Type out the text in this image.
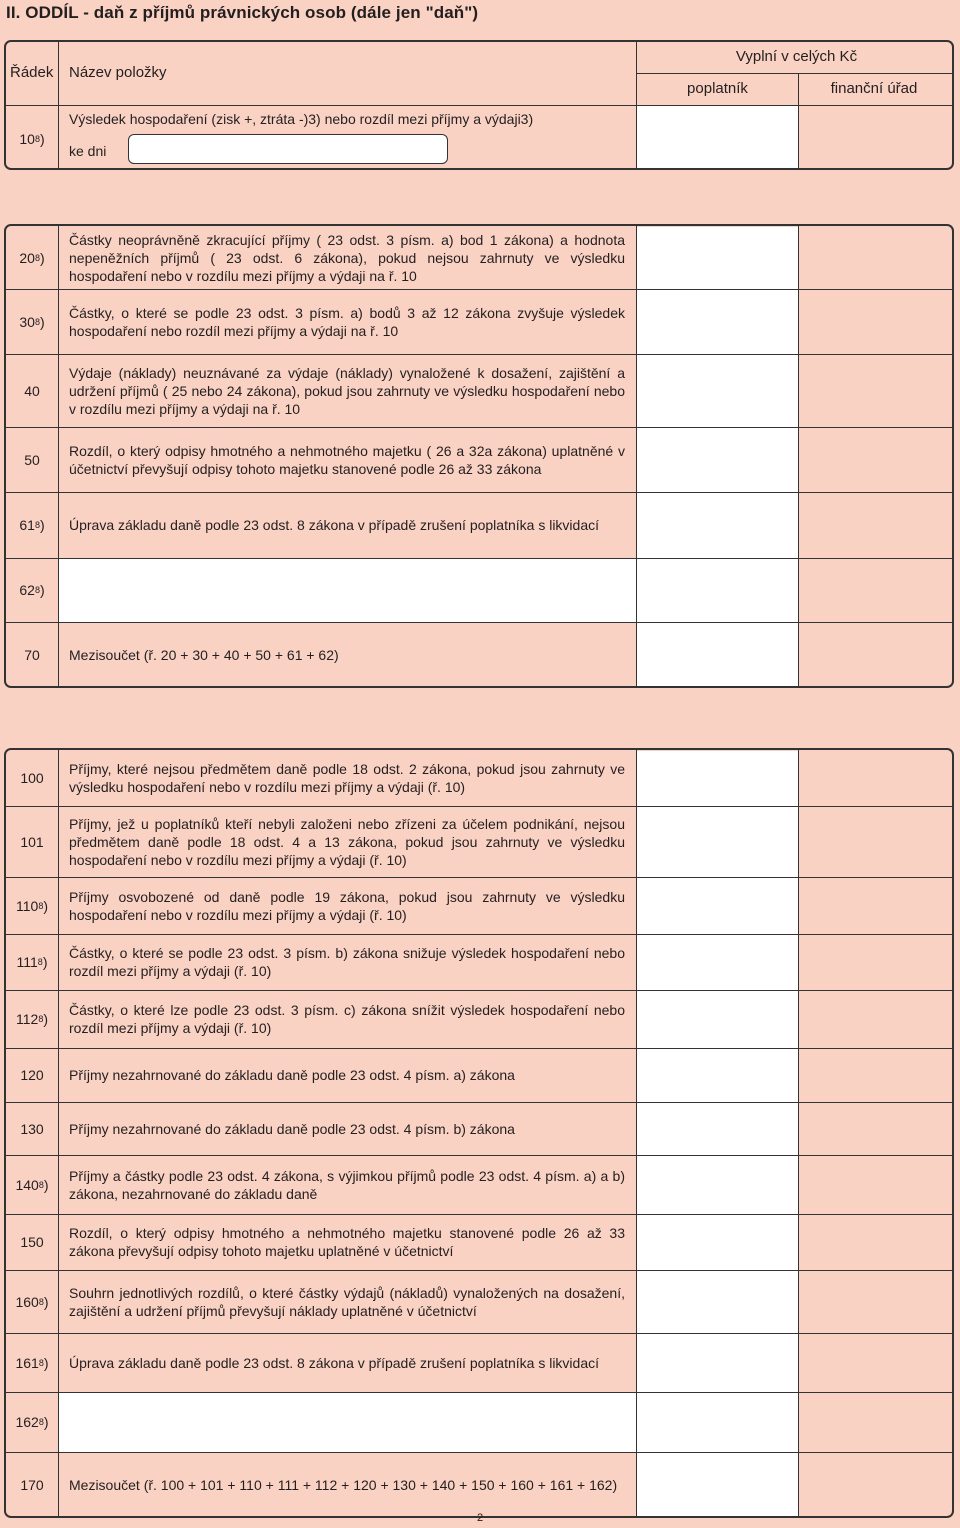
II. ODDÍL - daň z příjmů právnických osob (dále jen "daň")
Řádek Název položky
Vyplní v celých Kč
poplatník	finanční úřad
10 8 )
Výsledek hospodaření (zisk +, ztráta -)3) nebo rozdíl mezi příjmy a výdaji3)
ke dni
20 8 )
Částky neoprávněně zkracující příjmy ( 23 odst. 3 písm. a) bod 1 zákona) a hodnota nepeněžních příjmů ( 23 odst. 6 zákona), pokud nejsou zahrnuty ve výsledku hospodaření nebo v rozdílu mezi příjmy a výdaji na ř. 10
30 8 )
Částky, o které se podle 23 odst. 3 písm. a) bodů 3 až 12 zákona zvyšuje výsledek hospodaření nebo rozdíl mezi příjmy a výdaji na ř. 10
40
Výdaje (náklady) neuznávané za výdaje (náklady) vynaložené k dosažení, zajištění a udržení příjmů ( 25 nebo 24 zákona), pokud jsou zahrnuty ve výsledku hospodaření nebo v rozdílu mezi příjmy a výdaji na ř. 10
50
Rozdíl, o který odpisy hmotného a nehmotného majetku ( 26 a 32a zákona) uplatněné v účetnictví převyšují odpisy tohoto majetku stanovené podle 26 až 33 zákona
61 8 ) Úprava základu daně podle 23 odst. 8 zákona v případě zrušení poplatníka s likvidací
62 8 )
70 Mezisoučet (ř. 20 + 30 + 40 + 50 + 61 + 62)
100
Příjmy, které nejsou předmětem daně podle 18 odst. 2 zákona, pokud jsou zahrnuty ve výsledku hospodaření nebo v rozdílu mezi příjmy a výdaji (ř. 10)
101
Příjmy, jež u poplatníků kteří nebyli založeni nebo zřízeni za účelem podnikání, nejsou předmětem daně podle 18 odst. 4 a 13 zákona, pokud jsou zahrnuty ve výsledku hospodaření nebo v rozdílu mezi příjmy a výdaji (ř. 10)
110 8 )
Příjmy osvobozené od daně podle 19 zákona, pokud jsou zahrnuty ve výsledku hospodaření nebo v rozdílu mezi příjmy a výdaji (ř. 10)
111 8 )
Částky, o které se podle 23 odst. 3 písm. b) zákona snižuje výsledek hospodaření nebo rozdíl mezi příjmy a výdaji (ř. 10)
112 8 )
Částky, o které lze podle 23 odst. 3 písm. c) zákona snížit výsledek hospodaření nebo rozdíl mezi příjmy a výdaji (ř. 10)
120 Příjmy nezahrnované do základu daně podle 23 odst. 4 písm. a) zákona
130 Příjmy nezahrnované do základu daně podle 23 odst. 4 písm. b) zákona
140 8 )
Příjmy a částky podle 23 odst. 4 zákona, s výjimkou příjmů podle 23 odst. 4 písm. a) a b) zákona, nezahrnované do základu daně
150
Rozdíl, o který odpisy hmotného a nehmotného majetku stanovené podle 26 až 33 zákona převyšují odpisy tohoto majetku uplatněné v účetnictví
160 8 )
Souhrn jednotlivých rozdílů, o které částky výdajů (nákladů) vynaložených na dosažení, zajištění a udržení příjmů převyšují náklady uplatněné v účetnictví
161 8 ) Úprava základu daně podle 23 odst. 8 zákona v případě zrušení poplatníka s likvidací
162 8 )
170 Mezisoučet (ř. 100 + 101 + 110 + 111 + 112 + 120 + 130 + 140 + 150 + 160 + 161 + 162)
2
